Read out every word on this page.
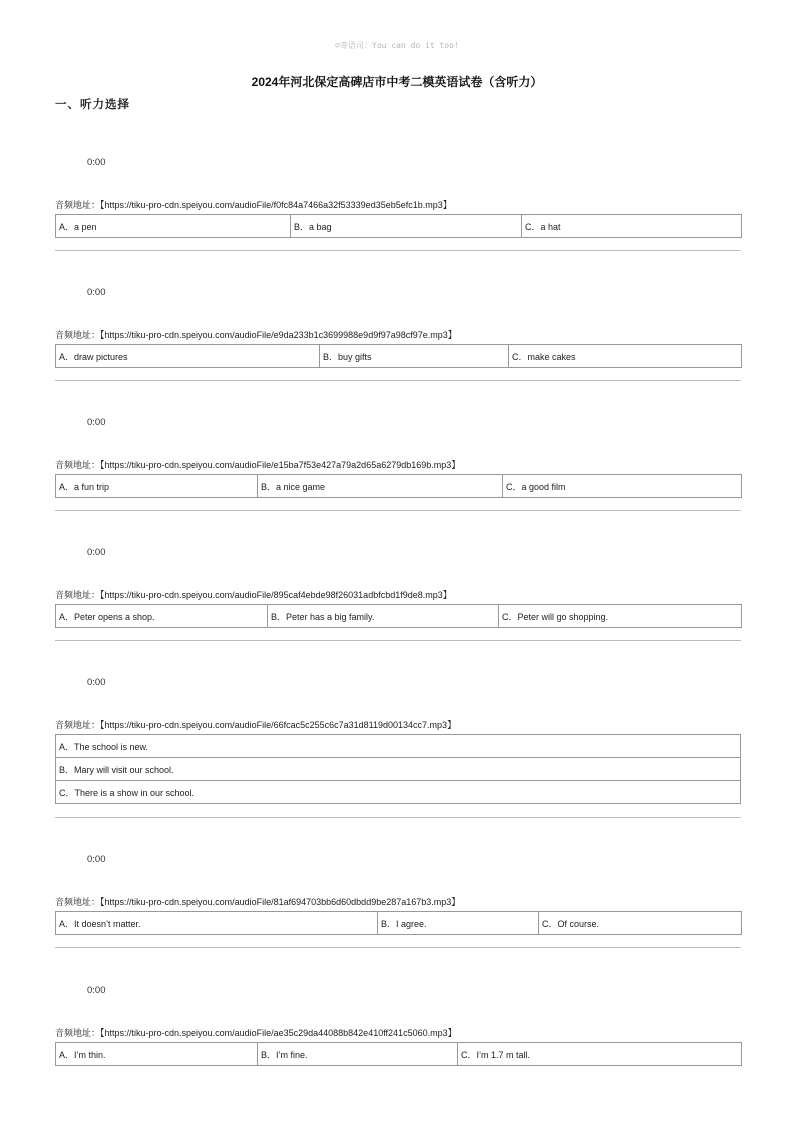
☺寄语司：You can do it too!
2024年河北保定高碑店市中考二模英语试卷（含听力）
一、听力选择
0:00
音频地址：【https://tiku-pro-cdn.speiyou.com/audioFile/f0fc84a7466a32f53339ed35eb5efc1b.mp3】
A．a pen	B．a bag	C．a hat
0:00
音频地址：【https://tiku-pro-cdn.speiyou.com/audioFile/e9da233b1c3699988e9d9f97a98cf97e.mp3】
A．draw pictures	B．buy gifts	C．make cakes
0:00
音频地址：【https://tiku-pro-cdn.speiyou.com/audioFile/e15ba7f53e427a79a2d65a6279db169b.mp3】
A．a fun trip	B．a nice game	C．a good film
0:00
音频地址：【https://tiku-pro-cdn.speiyou.com/audioFile/895caf4ebde98f26031adbfcbd1f9de8.mp3】
A．Peter opens a shop.	B．Peter has a big family.	C．Peter will go shopping.
0:00
音频地址：【https://tiku-pro-cdn.speiyou.com/audioFile/66fcac5c255c6c7a31d8119d00134cc7.mp3】
A．The school is new.
B．Mary will visit our school.
C．There is a show in our school.
0:00
音频地址：【https://tiku-pro-cdn.speiyou.com/audioFile/81af694703bb6d60dbdd9be287a167b3.mp3】
A．It doesn’t matter.	B．I agree.	C．Of course.
0:00
音频地址：【https://tiku-pro-cdn.speiyou.com/audioFile/ae35c29da44088b842e410ff241c5060.mp3】
A．I’m thin.	B．I’m fine.	C．I’m 1.7 m tall.
